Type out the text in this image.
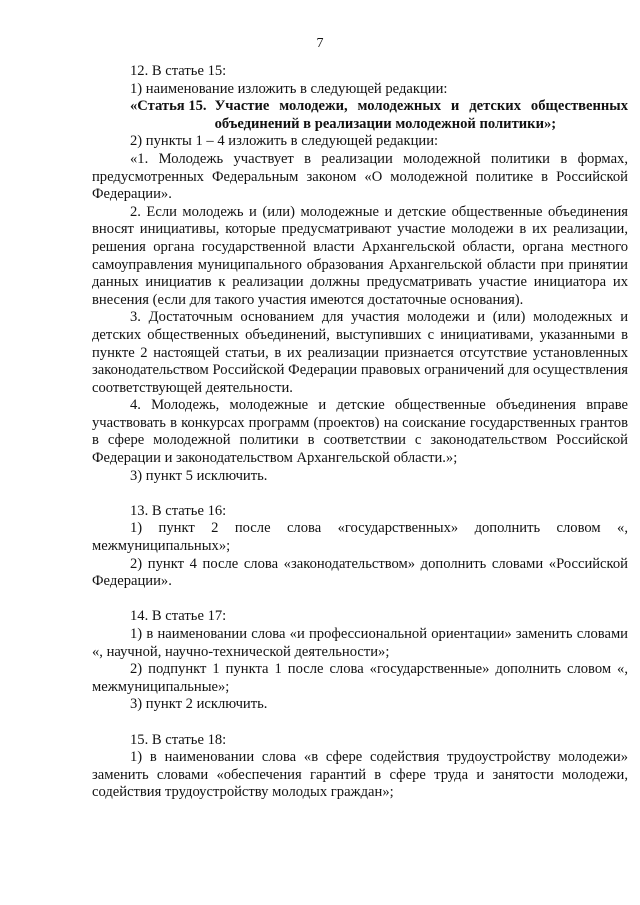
7

12. В статье 15:

1) наименование изложить в следующей редакции:

«Статья 15. Участие молодежи, молодежных и детских общественных объединений в реализации молодежной политики»;

2) пункты 1 – 4 изложить в следующей редакции:

«1. Молодежь участвует в реализации молодежной политики в формах, предусмотренных Федеральным законом «О молодежной политике в Российской Федерации».

2. Если молодежь и (или) молодежные и детские общественные объединения вносят инициативы, которые предусматривают участие молодежи в их реализации, решения органа государственной власти Архангельской области, органа местного самоуправления муниципального образования Архангельской области при принятии данных инициатив к реализации должны предусматривать участие инициатора их внесения (если для такого участия имеются достаточные основания).

3. Достаточным основанием для участия молодежи и (или) молодежных и детских общественных объединений, выступивших с инициативами, указанными в пункте 2 настоящей статьи, в их реализации признается отсутствие установленных законодательством Российской Федерации правовых ограничений для осуществления соответствующей деятельности.

4. Молодежь, молодежные и детские общественные объединения вправе участвовать в конкурсах программ (проектов) на соискание государственных грантов в сфере молодежной политики в соответствии с законодательством Российской Федерации и законодательством Архангельской области.»;

3) пункт 5 исключить.

13. В статье 16:

1) пункт 2 после слова «государственных» дополнить словом «, межмуниципальных»;

2) пункт 4 после слова «законодательством» дополнить словами «Российской Федерации».

14. В статье 17:

1) в наименовании слова «и профессиональной ориентации» заменить словами «, научной, научно-технической деятельности»;

2) подпункт 1 пункта 1 после слова «государственные» дополнить словом «, межмуниципальные»;

3) пункт 2 исключить.

15. В статье 18:

1) в наименовании слова «в сфере содействия трудоустройству молодежи» заменить словами «обеспечения гарантий в сфере труда и занятости молодежи, содействия трудоустройству молодых граждан»;
